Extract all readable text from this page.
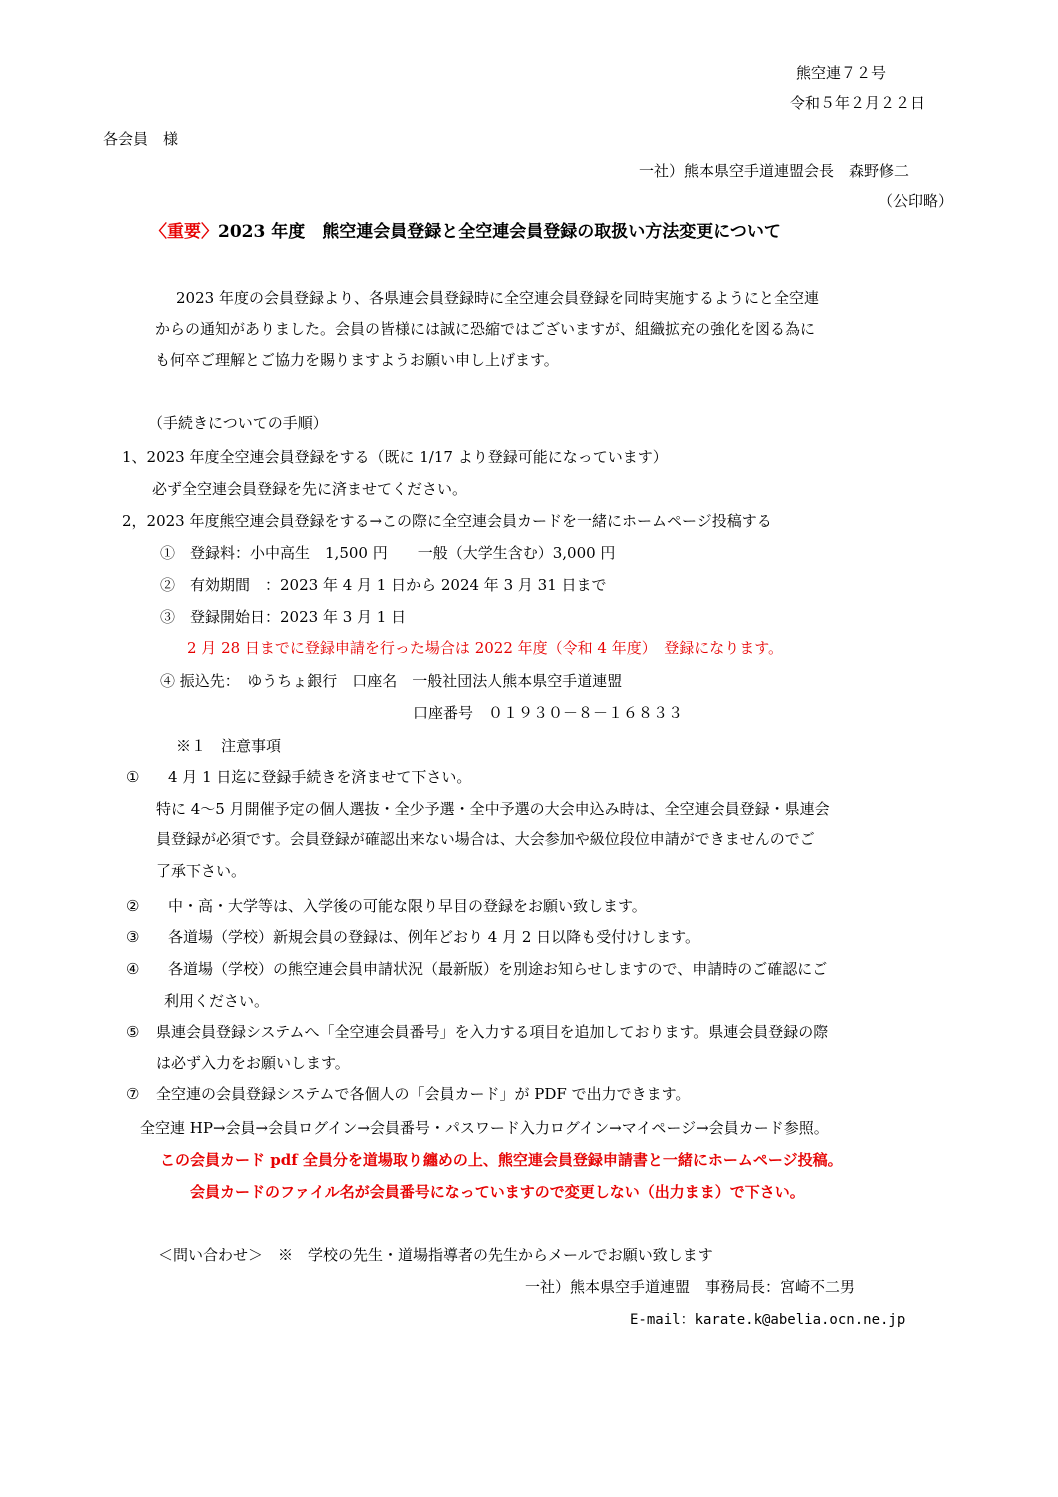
熊空連７２号
令和５年２月２２日
各会員　様
一社）熊本県空手道連盟会長　森野修二
（公印略）
〈重要〉2023 年度　熊空連会員登録と全空連会員登録の取扱い方法変更について
2023 年度の会員登録より、各県連会員登録時に全空連会員登録を同時実施するようにと全空連
からの通知がありました。会員の皆様には誠に恐縮ではございますが、組織拡充の強化を図る為に
も何卒ご理解とご協力を賜りますようお願い申し上げます。
（手続きについての手順）
1、2023 年度全空連会員登録をする（既に 1/17 より登録可能になっています）
必ず全空連会員登録を先に済ませてください。
2，2023 年度熊空連会員登録をする→この際に全空連会員カードを一緒にホームページ投稿する
①　登録料：小中高生　1,500 円　　一般（大学生含む）3,000 円
②　有効期間　：2023 年 4 月 1 日から 2024 年 3 月 31 日まで
③　登録開始日：2023 年 3 月 1 日
2 月 28 日までに登録申請を行った場合は 2022 年度（令和 4 年度）　登録になります。
④ 振込先：　ゆうちょ銀行　口座名　一般社団法人熊本県空手道連盟
口座番号　０１９３０－８－１６８３３
※１　注意事項
① 4 月 1 日迄に登録手続きを済ませて下さい。
特に 4～5 月開催予定の個人選抜・全少予選・全中予選の大会申込み時は、全空連会員登録・県連会
員登録が必須です。会員登録が確認出来ない場合は、大会参加や級位段位申請ができませんのでご
了承下さい。
② 中・高・大学等は、入学後の可能な限り早目の登録をお願い致します。
③ 各道場（学校）新規会員の登録は、例年どおり 4 月 2 日以降も受付けします。
④ 各道場（学校）の熊空連会員申請状況（最新版）を別途お知らせしますので、申請時のご確認にご
利用ください。
⑤ 県連会員登録システムへ「全空連会員番号」を入力する項目を追加しております。県連会員登録の際
は必ず入力をお願いします。
⑦ 全空連の会員登録システムで各個人の「会員カード」が PDF で出力できます。
全空連 HP→会員→会員ログイン→会員番号・パスワード入力ログイン→マイページ→会員カード参照。
この会員カード pdf 全員分を道場取り纏めの上、熊空連会員登録申請書と一緒にホームページ投稿。
会員カードのファイル名が会員番号になっていますので変更しない（出力まま）で下さい。
＜問い合わせ＞　※　学校の先生・道場指導者の先生からメールでお願い致します
一社）熊本県空手道連盟　事務局長：宮崎不二男
E-mail：karate.k@abelia.ocn.ne.jp
